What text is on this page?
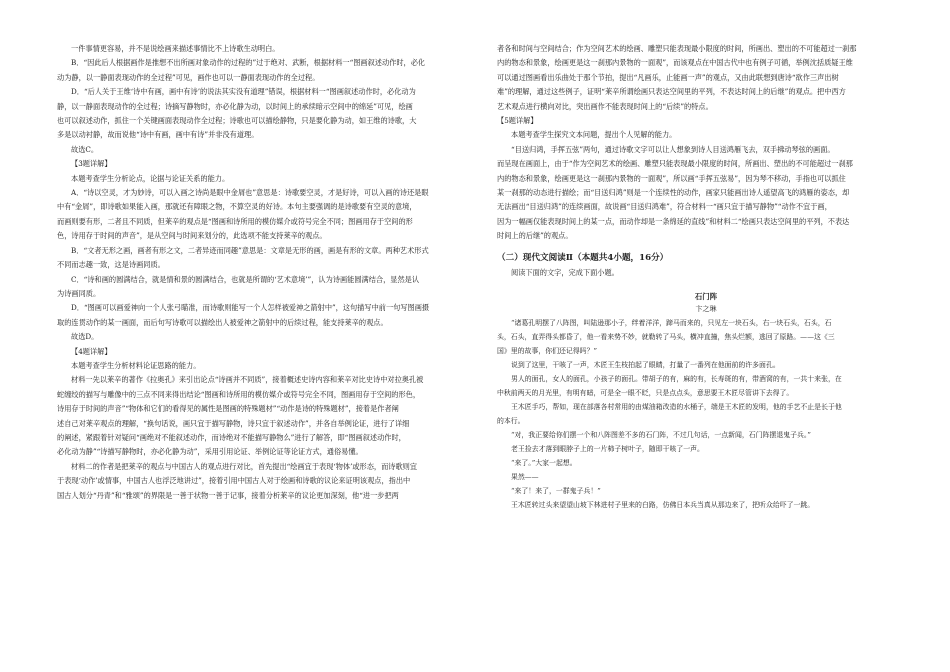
一件事情更容易，并不是说绘画来描述事情比不上诗歌生动明白。

B．“因此后人根据画作是推想不出所画对象动作的过程的”过于绝对、武断，根据材料一“图画叙述动作时，必化

动为静，以一静面表现动作的全过程”可见，画作也可以一静面表现动作的全过程。

D．“后人关于王维‘诗中有画，画中有诗’的说法其实没有道理”错误，根据材料一“图画叙述动作时，必化动为

静，以一静面表现动作的全过程；诗摘写静物时，亦必化静为动，以时间上的承续暗示空间中的绵延”可见，绘画

也可以叙述动作，抓住一个关键画面表现动作全过程；诗歌也可以描绘静物，只是要化静为动，如王维的诗歌，大

多是以动衬静，故而说他“诗中有画，画中有诗”并非没有道理。

故选C。

【3题详解】

本题考查学生分析论点，论据与论证关系的能力。

A．“诗以空灵，才为妙诗，可以入画之诗尚是眼中金屑也”意思是：诗歌要空灵，才是好诗，可以入画的诗还是眼

中有“金屑”，即诗歌如果能入画，那就还有障眼之物，不算空灵的好诗。本句主要强调的是诗歌要有空灵的意境，

而画则要有形，二者且不同质，但莱辛的观点是“图画和诗所用的模仿媒介或符号完全不同；图画用存于空间的形

色，诗用存于时间的声音”，是从空间与时间来划分的，此选项不能支持莱辛的观点。

B．“文者无形之画，画者有形之文，二者异迹而同趣”意思是：文章是无形的画，画是有形的文章。两种艺术形式

不同而志趣一致，这是诗画同质。

C．“诗和画的圆满结合，就是情和景的圆满结合，也就是所谓的‘艺术意境’”，认为诗画能圆满结合，显然是认

为诗画同质。

D．“图画可以画爱神向一个人张弓瞄准，而诗歌则能写一个人怎样被爱神之箭射中”，这句描写中前一句写图画摄

取的连贯动作的某一画面，而后句写诗歌可以描绘出人被爱神之箭射中的后续过程，能支持莱辛的观点。

故选D。

【4题详解】

本题考查学生分析材料论证思路的能力。

材料一先以莱辛的著作《拉奥孔》来引出论点“诗画并不同质”，接着概述史诗内容和莱辛对比史诗中对拉奥孔被

蛇缠绞的描写与雕像中的三点不同来得出结论“图画和诗所用的模仿媒介或符号完全不同，图画用存于空间的形色，

诗用存于时间的声音”“物体和它们的看得见的属性是图画的特殊题材”“动作是诗的特殊题材”，接着是作者阐

述自己对莱辛观点的理解，“换句话说，画只宜于描写静物，诗只宜于叙述动作”，并各自举例论证，进行了详细

的阐述，紧跟着针对疑问“画绝对不能叙述动作，而诗绝对不能描写静物么”进行了解答，即“图画叙述动作时，

必化动为静”“诗描写静物时，亦必化静为动”，采用引用论证、举例论证等论证方式，通俗易懂。

材料二的作者是把莱辛的观点与中国古人的观点进行对比，首先提出“绘画宜于表现‘物体’或形态，而诗歌则宜

于表现‘动作’或情事，中国古人也浮泛地讲过”，接着引用中国古人对于绘画和诗歌的议论来证明该观点，指出中

国古人划分“丹青”和“雅颂”的界限是一善于状物一善于记事，接着分析莱辛的议论更加深刻，他“进一步把两

者各和时间与空间结合；作为空间艺术的绘画、雕塑只能表现最小限度的时间，所画出、塑出的不可能超过一刹那

内的物态和景象，绘画更是这一刹那内景物的一面观”，而该观点在中国古代中也有例子可循，举例沈括质疑王维

可以通过图画看出乐曲处于那个节拍，提出“凡画乐，止能画一声”的观点，又由此联想到唐诗“欲作三声出树

难”的理解，通过这些例子，证明“莱辛所谓绘画只表达空间里的平列，不表达时间上的后继”的观点。把中西方

艺术观点进行横向对比，突出画作不能表现时间上的“后续”的特点。

【5题详解】

本题考查学生探究文本问题，提出个人见解的能力。

“目送归鸿，手挥五弦”两句，通过诗歌文字可以让人想象到诗人目送鸿雁飞去，双手拂动琴弦的画面。

而呈现在画面上，由于“作为空间艺术的绘画、雕塑只能表现最小限度的时间，所画出、塑出的不可能超过一刹那

内的物态和景象，绘画更是这一刹那内景物的一面观”，所以画“手挥五弦易”，因为琴不移动，手指也可以抓住

某一刹那的动态进行描绘；而“目送归鸿”则是一个连续性的动作，画家只能画出诗人遥望高飞的鸿雁的姿态，却

无法画出“目送归鸿”的连续画面，故说画“目送归鸿难”，符合材料一“画只宜于描写静物”“动作不宜于画，

因为一幅画仅能表现时间上的某一点，而动作却是一条绵延的直线”和材料二“绘画只表达空间里的平列，不表达

时间上的后继”的观点。

（二）现代文阅读Ⅱ（本题共4小题，16分）

阅读下面的文字，完成下面小题。

石门阵

卞之琳

“诸葛孔明摆了八阵图，叫陆逊那小子，绊着洋洋，蹄马而来的，只见左一块石头，右一块石头，石头，石

头，石头，直弄得头都昏了，他一看来势不妙，就勒转了马头，横冲直撞，焦头烂额，逃回了原路。——这《三

国》里的故事，你们还记得吗？”

说到了这里，干咳了一声，木匠王生枝拍起了眼睛，打量了一番列在他面前的许多面孔。

男人的面孔，女人的面孔，小孩子的面孔。带胡子的有，麻的有，长寿斑的有，带酒窝的有，一共十来张，在

中秋前两天的月光里，有明有暗，可是全一眼不眨，只是点点头，意思要王木匠尽管讲下去得了。

王木匠手巧，帮如，现在部落各村常用的由煤油箱改造的水桶子，端是王木匠的发明，他的手艺不止是长于他

的本行。

“对，我正要给你们摆一个和八阵图差不多的石门阵，不过几句话，一点新闻，石门阵摆退鬼子兵。”

老王捡去才落到眼脖子上的一片柿子树叶子，随即干咳了一声。

“来了。”大家一起想。

果然——

“来了！来了，一群鬼子兵！”

王木匠转过头来望望山坡下林进村子里来的白路，仿佛日本兵当真从那边来了，把听众给吓了一跳。
